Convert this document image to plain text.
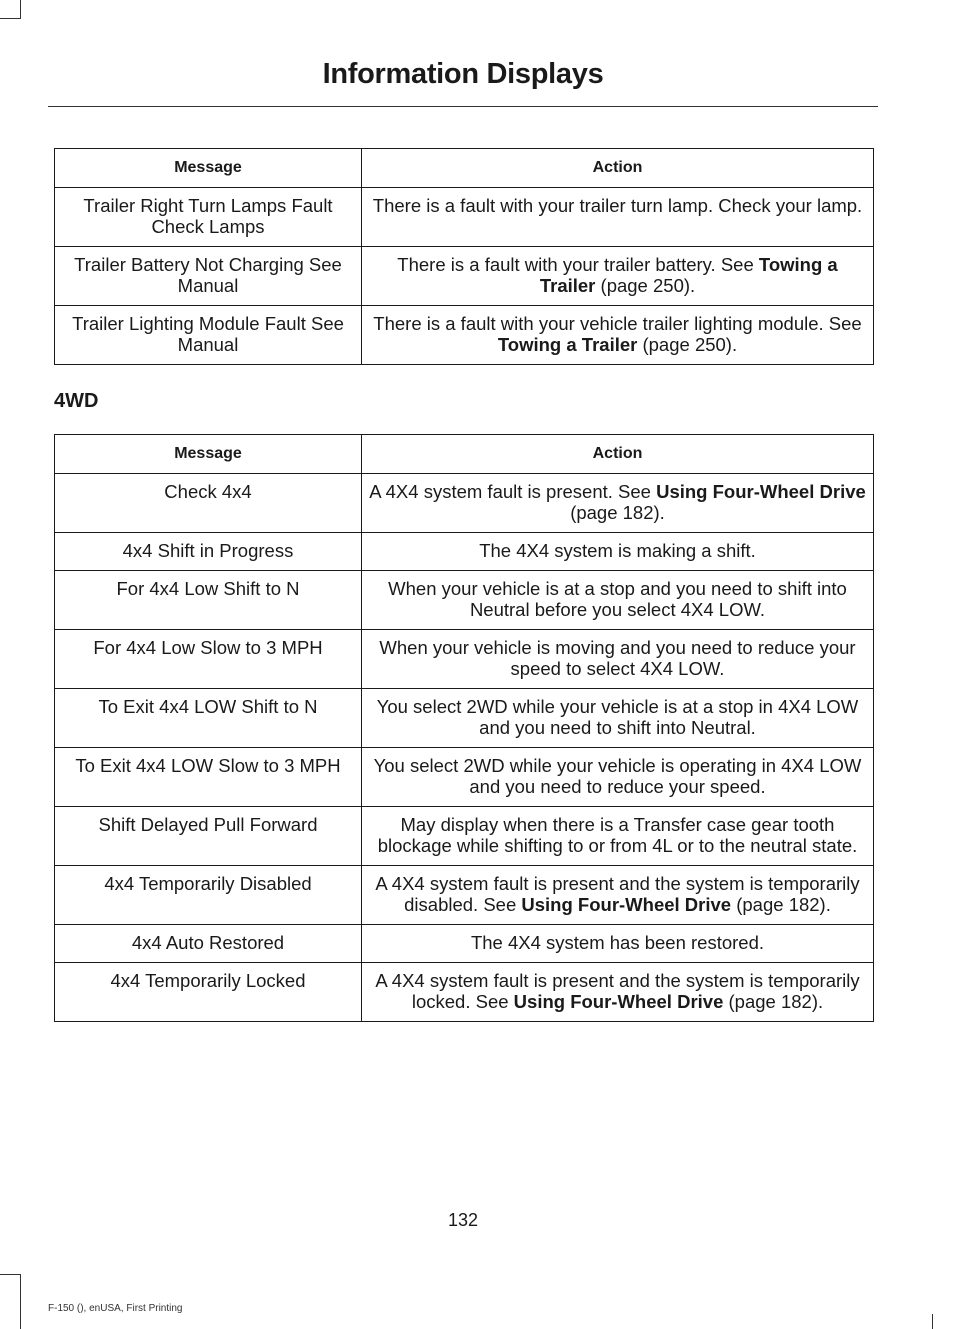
Information Displays
Message	Action
Trailer Right Turn Lamps Fault Check Lamps	There is a fault with your trailer turn lamp. Check your lamp.
Trailer Battery Not Charging See Manual	There is a fault with your trailer battery. See Towing a Trailer (page 250).
Trailer Lighting Module Fault See Manual	There is a fault with your vehicle trailer lighting module. See Towing a Trailer (page 250).
4WD
Message	Action
Check 4x4	A 4X4 system fault is present. See Using Four-Wheel Drive (page 182).
4x4 Shift in Progress	The 4X4 system is making a shift.
For 4x4 Low Shift to N	When your vehicle is at a stop and you need to shift into Neutral before you select 4X4 LOW.
For 4x4 Low Slow to 3 MPH	When your vehicle is moving and you need to reduce your speed to select 4X4 LOW.
To Exit 4x4 LOW Shift to N	You select 2WD while your vehicle is at a stop in 4X4 LOW and you need to shift into Neutral.
To Exit 4x4 LOW Slow to 3 MPH	You select 2WD while your vehicle is operating in 4X4 LOW and you need to reduce your speed.
Shift Delayed Pull Forward	May display when there is a Transfer case gear tooth blockage while shifting to or from 4L or to the neutral state.
4x4 Temporarily Disabled	A 4X4 system fault is present and the system is temporarily disabled. See Using Four-Wheel Drive (page 182).
4x4 Auto Restored	The 4X4 system has been restored.
4x4 Temporarily Locked	A 4X4 system fault is present and the system is temporarily locked. See Using Four-Wheel Drive (page 182).
132
F-150 (), enUSA, First Printing
